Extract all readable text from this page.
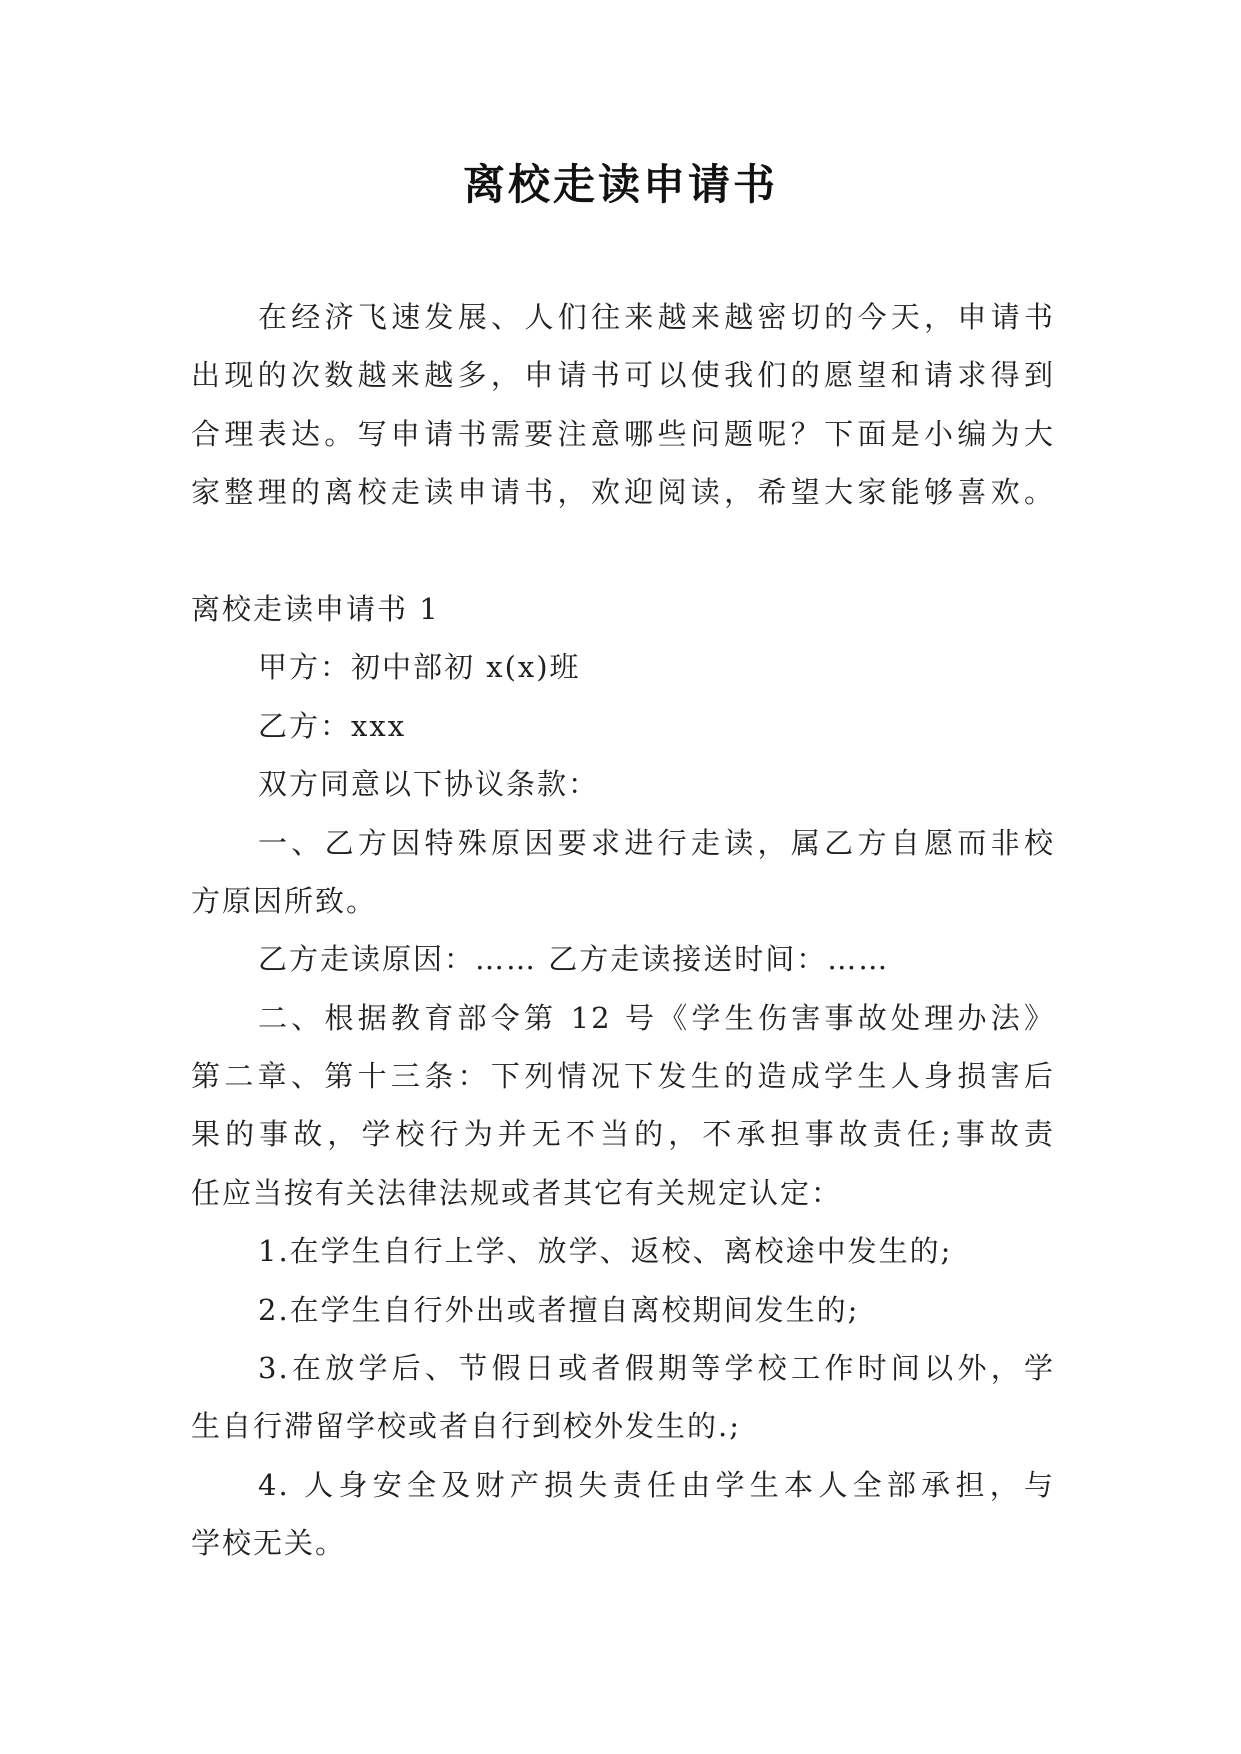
离校走读申请书
在经济飞速发展、人们往来越来越密切的今天，申请书
出现的次数越来越多，申请书可以使我们的愿望和请求得到
合理表达。写申请书需要注意哪些问题呢？下面是小编为大
家整理的离校走读申请书，欢迎阅读，希望大家能够喜欢。
离校走读申请书 1
甲方：初中部初 x(x)班
乙方：xxx
双方同意以下协议条款：
一、乙方因特殊原因要求进行走读，属乙方自愿而非校
方原因所致。
乙方走读原因：…… 乙方走读接送时间：……
二、根据教育部令第 12 号《学生伤害事故处理办法》
第二章、第十三条：下列情况下发生的造成学生人身损害后
果的事故，学校行为并无不当的，不承担事故责任;事故责
任应当按有关法律法规或者其它有关规定认定：
1.在学生自行上学、放学、返校、离校途中发生的;
2.在学生自行外出或者擅自离校期间发生的;
3.在放学后、节假日或者假期等学校工作时间以外，学
生自行滞留学校或者自行到校外发生的.;
4. 人身安全及财产损失责任由学生本人全部承担，与
学校无关。
